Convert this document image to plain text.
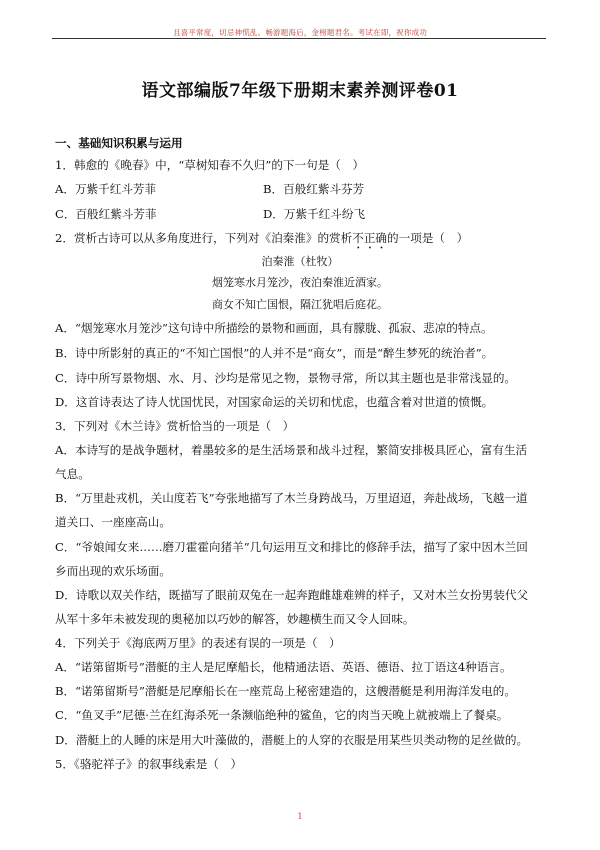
且喜平常度，切忌神慌乱。畅游题海后，金榜题君名。考试在即，祝你成功
语文部编版7年级下册期末素养测评卷01
一、基础知识积累与运用
1．韩愈的《晚春》中，“草树知春不久归”的下一句是（　）
A．万紫千红斗芳菲	B．百般红紫斗芬芳
C．百般红紫斗芳菲	D．万紫千红斗纷飞
2．赏析古诗可以从多角度进行，下列对《泊秦淮》的赏析不正确的一项是（　）
泊秦淮（杜牧）
烟笼寒水月笼沙，夜泊秦淮近酒家。
商女不知亡国恨，隔江犹唱后庭花。
A．“烟笼寒水月笼沙”这句诗中所描绘的景物和画面，具有朦胧、孤寂、悲凉的特点。
B．诗中所影射的真正的“不知亡国恨”的人并不是“商女”，而是“醉生梦死的统治者”。
C．诗中所写景物烟、水、月、沙均是常见之物，景物寻常，所以其主题也是非常浅显的。
D．这首诗表达了诗人忧国忧民，对国家命运的关切和忧虑，也蕴含着对世道的愤慨。
3．下列对《木兰诗》赏析恰当的一项是（　）
A．本诗写的是战争题材，着墨较多的是生活场景和战斗过程，繁简安排极具匠心，富有生活
气息。
B．“万里赴戎机，关山度若飞”夸张地描写了木兰身跨战马，万里迢迢，奔赴战场，飞越一道
道关口、一座座高山。
C．“爷娘闻女来……磨刀霍霍向猪羊”几句运用互文和排比的修辞手法，描写了家中因木兰回
乡而出现的欢乐场面。
D．诗歌以双关作结，既描写了眼前双兔在一起奔跑雌雄难辨的样子，又对木兰女扮男装代父
从军十多年未被发现的奥秘加以巧妙的解答，妙趣横生而又令人回味。
4．下列关于《海底两万里》的表述有误的一项是（　）
A．“诺第留斯号”潜艇的主人是尼摩船长，他精通法语、英语、德语、拉丁语这4种语言。
B．“诺第留斯号”潜艇是尼摩船长在一座荒岛上秘密建造的，这艘潜艇是利用海洋发电的。
C．“鱼叉手”尼德·兰在红海杀死一条濒临绝种的鲨鱼，它的肉当天晚上就被端上了餐桌。
D．潜艇上的人睡的床是用大叶藻做的，潜艇上的人穿的衣服是用某些贝类动物的足丝做的。
5．《骆驼祥子》的叙事线索是（　）
1
